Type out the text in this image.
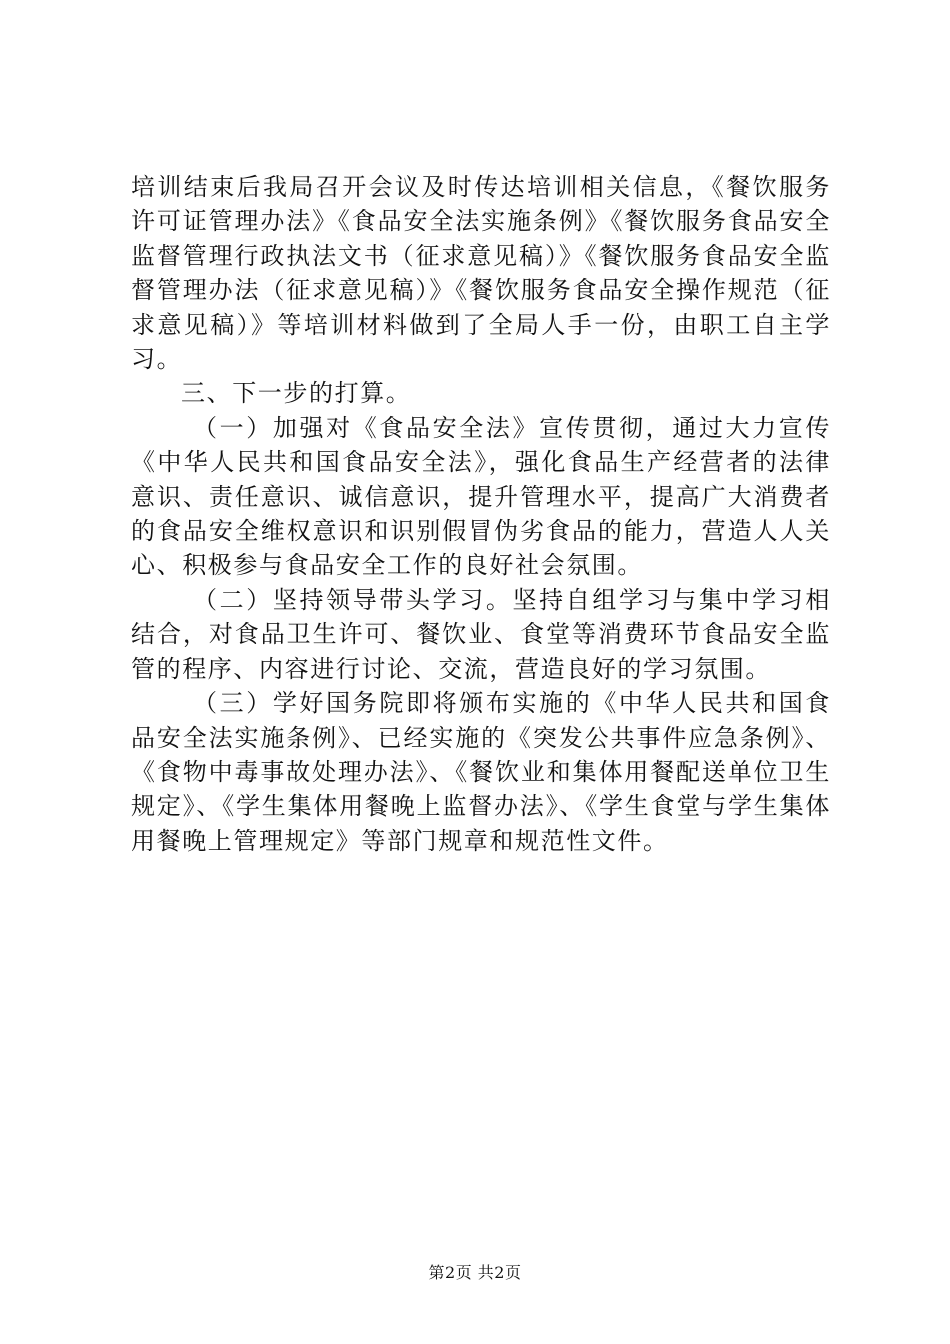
培训结束后我局召开会议及时传达培训相关信息，《餐饮服务许可证管理办法》《食品安全法实施条例》《餐饮服务食品安全监督管理行政执法文书（征求意见稿）》《餐饮服务食品安全监督管理办法（征求意见稿）》《餐饮服务食品安全操作规范（征求意见稿）》等培训材料做到了全局人手一份，由职工自主学习。

三、下一步的打算。

（一）加强对《食品安全法》宣传贯彻，通过大力宣传《中华人民共和国食品安全法》，强化食品生产经营者的法律意识、责任意识、诚信意识，提升管理水平，提高广大消费者的食品安全维权意识和识别假冒伪劣食品的能力，营造人人关心、积极参与食品安全工作的良好社会氛围。

（二）坚持领导带头学习。坚持自组学习与集中学习相结合，对食品卫生许可、餐饮业、食堂等消费环节食品安全监管的程序、内容进行讨论、交流，营造良好的学习氛围。

（三）学好国务院即将颁布实施的《中华人民共和国食品安全法实施条例》、已经实施的《突发公共事件应急条例》、《食物中毒事故处理办法》、《餐饮业和集体用餐配送单位卫生规定》、《学生集体用餐晚上监督办法》、《学生食堂与学生集体用餐晚上管理规定》等部门规章和规范性文件。

第2页 共2页
